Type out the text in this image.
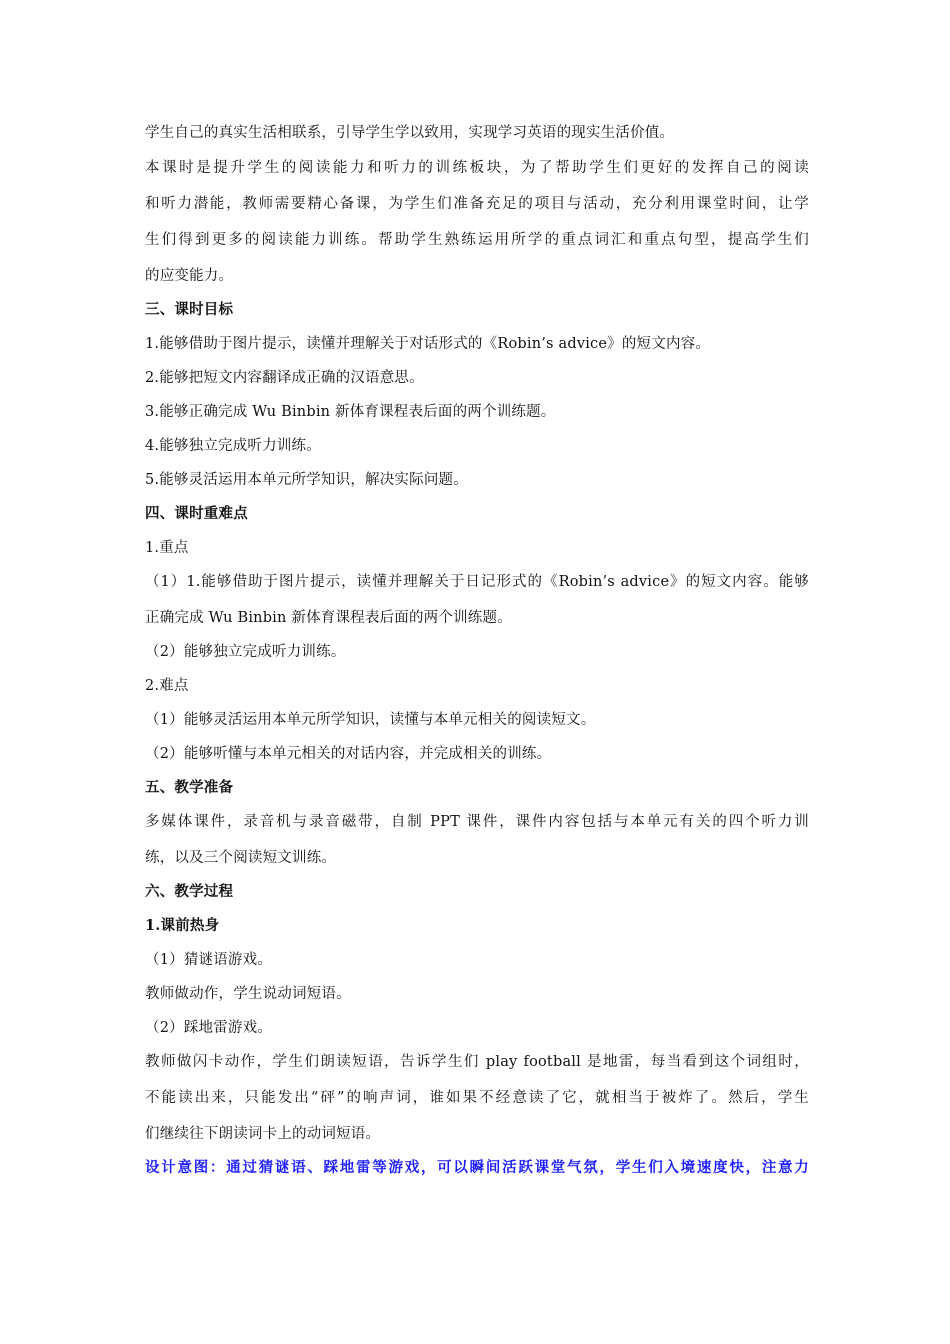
学生自己的真实生活相联系，引导学生学以致用，实现学习英语的现实生活价值。
本课时是提升学生的阅读能力和听力的训练板块，为了帮助学生们更好的发挥自己的阅读
和听力潜能，教师需要精心备课，为学生们准备充足的项目与活动，充分利用课堂时间，让学
生们得到更多的阅读能力训练。帮助学生熟练运用所学的重点词汇和重点句型，提高学生们
的应变能力。
三、课时目标
1.能够借助于图片提示，读懂并理解关于对话形式的《Robin’s advice》的短文内容。
2.能够把短文内容翻译成正确的汉语意思。
3.能够正确完成 Wu Binbin 新体育课程表后面的两个训练题。
4.能够独立完成听力训练。
5.能够灵活运用本单元所学知识，解决实际问题。
四、课时重难点
1.重点
（1）1.能够借助于图片提示，读懂并理解关于日记形式的《Robin’s advice》的短文内容。能够
正确完成 Wu Binbin 新体育课程表后面的两个训练题。
（2）能够独立完成听力训练。
2.难点
（1）能够灵活运用本单元所学知识，读懂与本单元相关的阅读短文。
（2）能够听懂与本单元相关的对话内容，并完成相关的训练。
五、教学准备
多媒体课件，录音机与录音磁带，自制 PPT 课件，课件内容包括与本单元有关的四个听力训
练，以及三个阅读短文训练。
六、教学过程
1.课前热身
（1）猜谜语游戏。
教师做动作，学生说动词短语。
（2）踩地雷游戏。
教师做闪卡动作，学生们朗读短语，告诉学生们 play football 是地雷，每当看到这个词组时，
不能读出来，只能发出“砰”的响声词，谁如果不经意读了它，就相当于被炸了。然后，学生
们继续往下朗读词卡上的动词短语。
设计意图：通过猜谜语、踩地雷等游戏，可以瞬间活跃课堂气氛，学生们入境速度快，注意力
